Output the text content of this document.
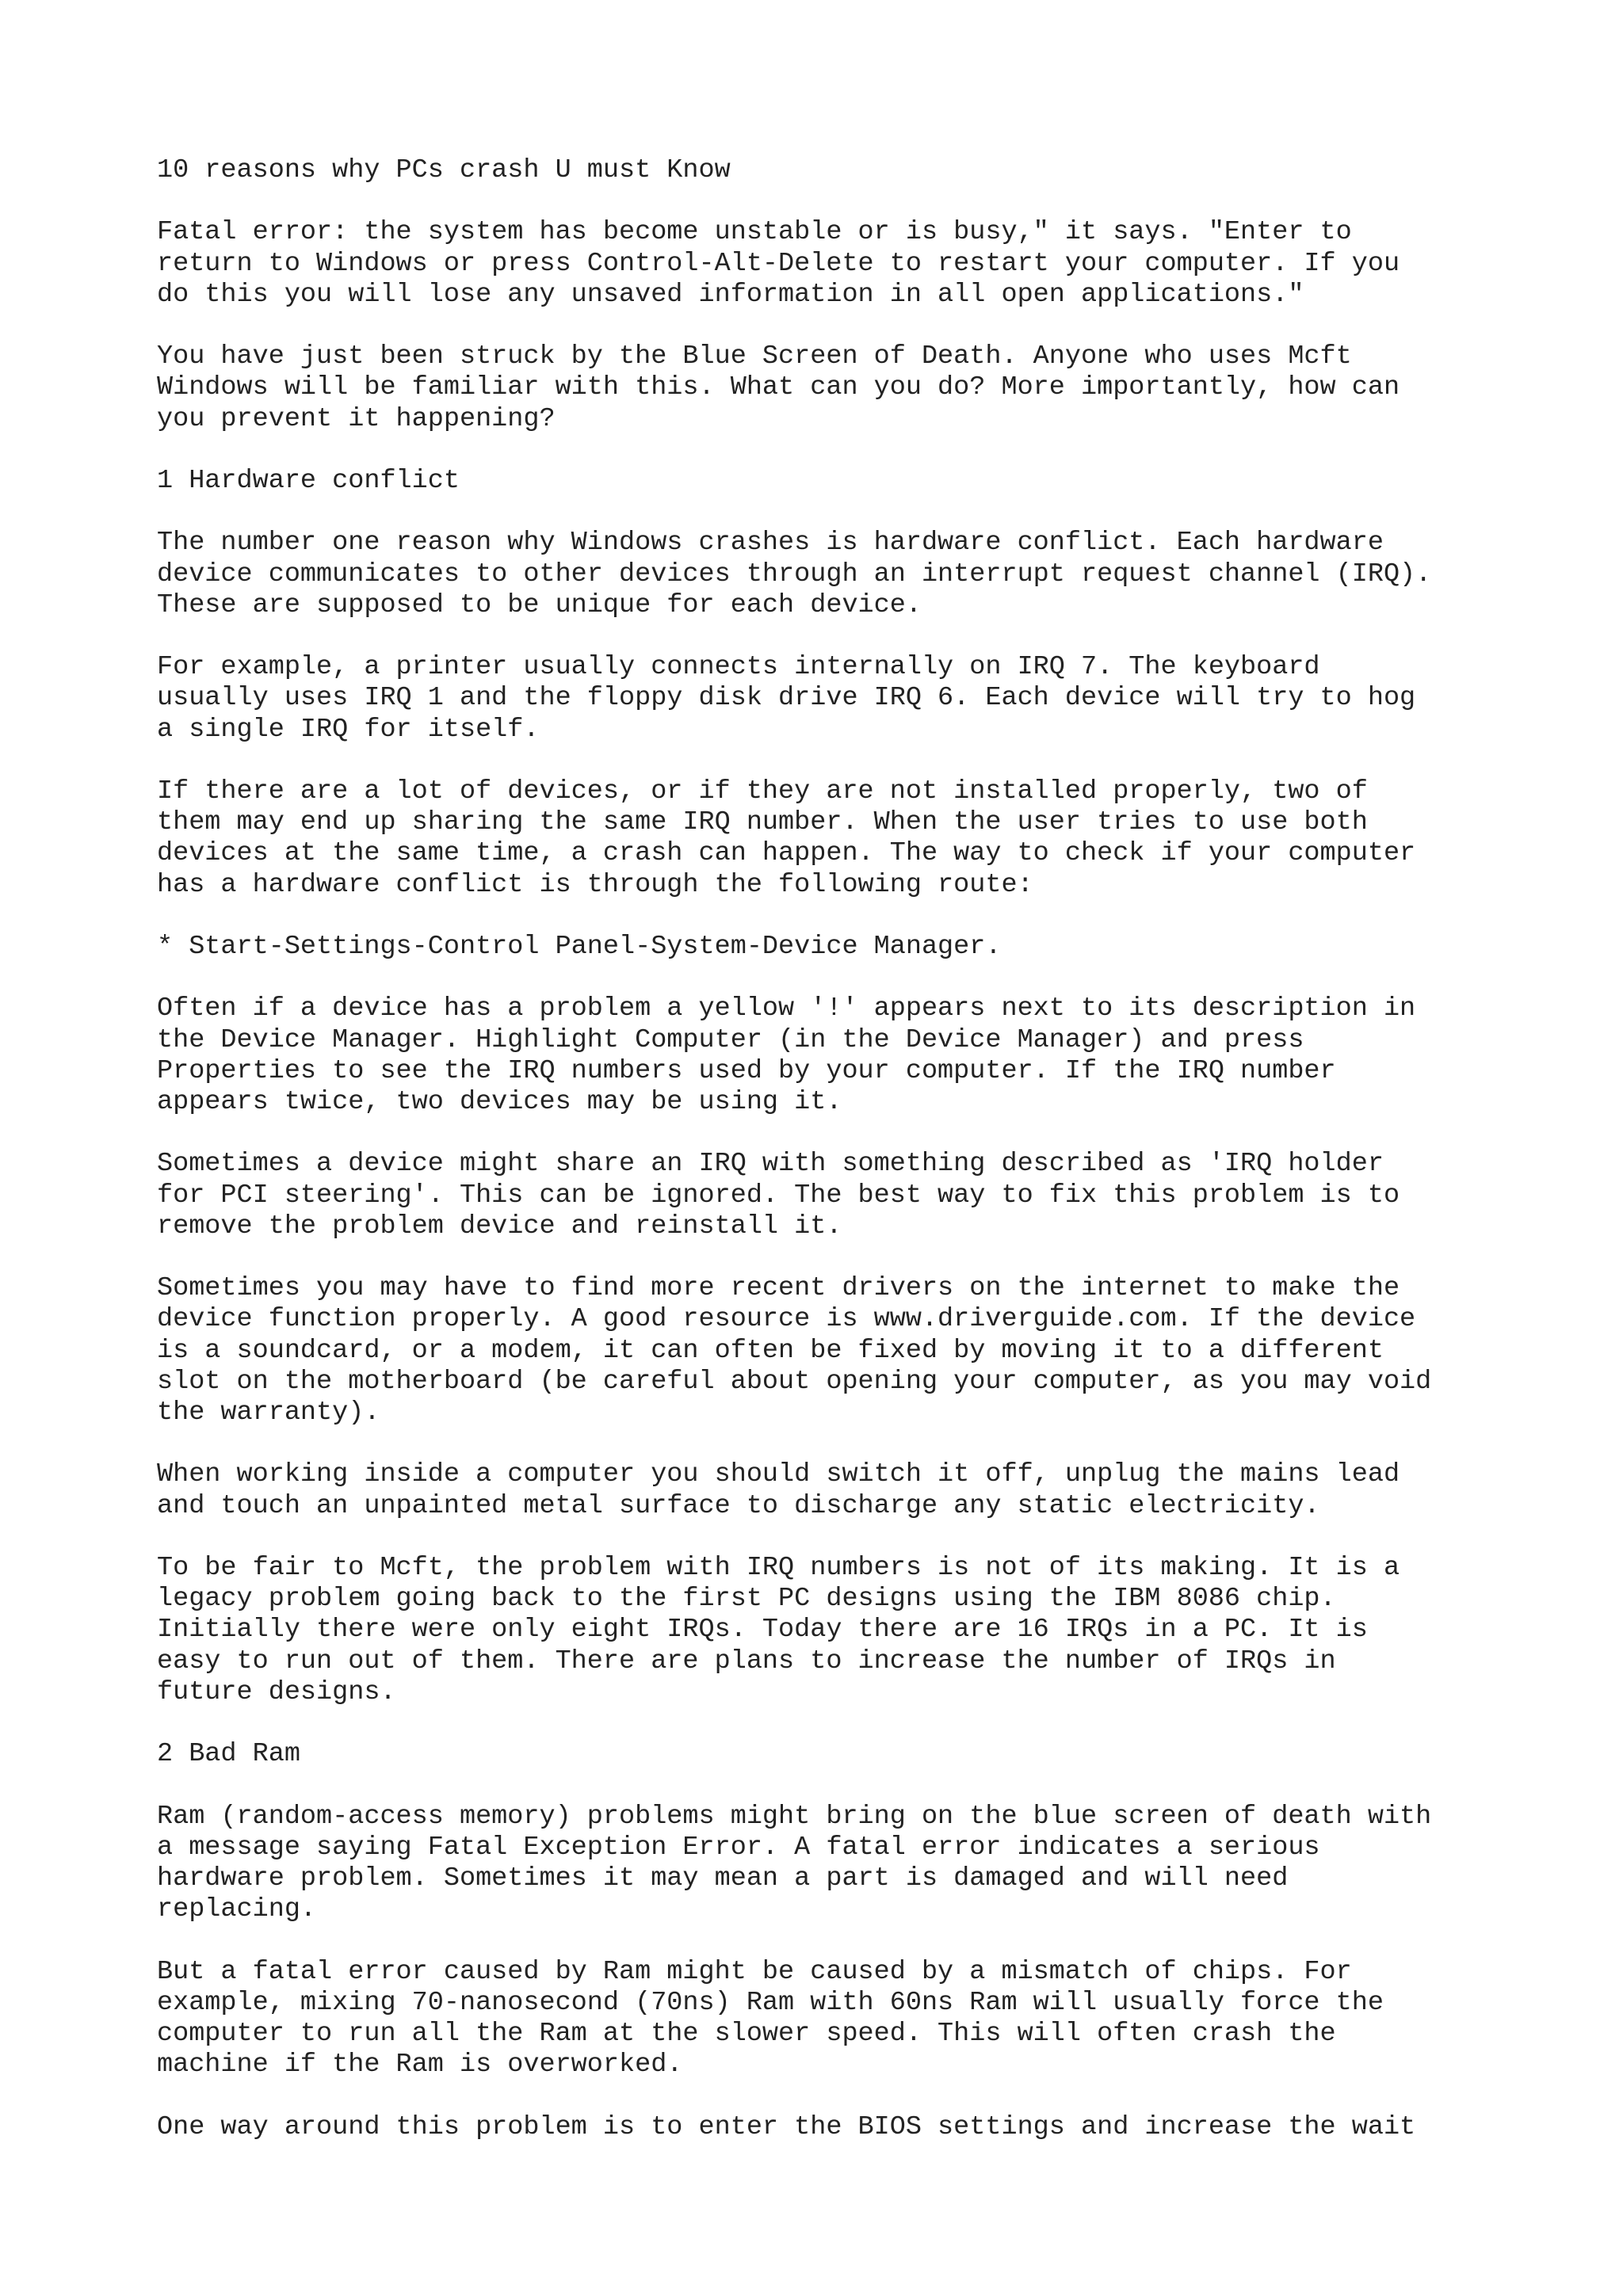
10 reasons why PCs crash U must Know
Fatal error: the system has become unstable or is busy," it says. "Enter to
return to Windows or press Control-Alt-Delete to restart your computer. If you
do this you will lose any unsaved information in all open applications."
You have just been struck by the Blue Screen of Death. Anyone who uses Mcft
Windows will be familiar with this. What can you do? More importantly, how can
you prevent it happening?
1 Hardware conflict
The number one reason why Windows crashes is hardware conflict. Each hardware
device communicates to other devices through an interrupt request channel (IRQ).
These are supposed to be unique for each device.
For example, a printer usually connects internally on IRQ 7. The keyboard
usually uses IRQ 1 and the floppy disk drive IRQ 6. Each device will try to hog
a single IRQ for itself.
If there are a lot of devices, or if they are not installed properly, two of
them may end up sharing the same IRQ number. When the user tries to use both
devices at the same time, a crash can happen. The way to check if your computer
has a hardware conflict is through the following route:
* Start-Settings-Control Panel-System-Device Manager.
Often if a device has a problem a yellow '!' appears next to its description in
the Device Manager. Highlight Computer (in the Device Manager) and press
Properties to see the IRQ numbers used by your computer. If the IRQ number
appears twice, two devices may be using it.
Sometimes a device might share an IRQ with something described as 'IRQ holder
for PCI steering'. This can be ignored. The best way to fix this problem is to
remove the problem device and reinstall it.
Sometimes you may have to find more recent drivers on the internet to make the
device function properly. A good resource is www.driverguide.com. If the device
is a soundcard, or a modem, it can often be fixed by moving it to a different
slot on the motherboard (be careful about opening your computer, as you may void
the warranty).
When working inside a computer you should switch it off, unplug the mains lead
and touch an unpainted metal surface to discharge any static electricity.
To be fair to Mcft, the problem with IRQ numbers is not of its making. It is a
legacy problem going back to the first PC designs using the IBM 8086 chip.
Initially there were only eight IRQs. Today there are 16 IRQs in a PC. It is
easy to run out of them. There are plans to increase the number of IRQs in
future designs.
2 Bad Ram
Ram (random-access memory) problems might bring on the blue screen of death with
a message saying Fatal Exception Error. A fatal error indicates a serious
hardware problem. Sometimes it may mean a part is damaged and will need
replacing.
But a fatal error caused by Ram might be caused by a mismatch of chips. For
example, mixing 70-nanosecond (70ns) Ram with 60ns Ram will usually force the
computer to run all the Ram at the slower speed. This will often crash the
machine if the Ram is overworked.
One way around this problem is to enter the BIOS settings and increase the wait
